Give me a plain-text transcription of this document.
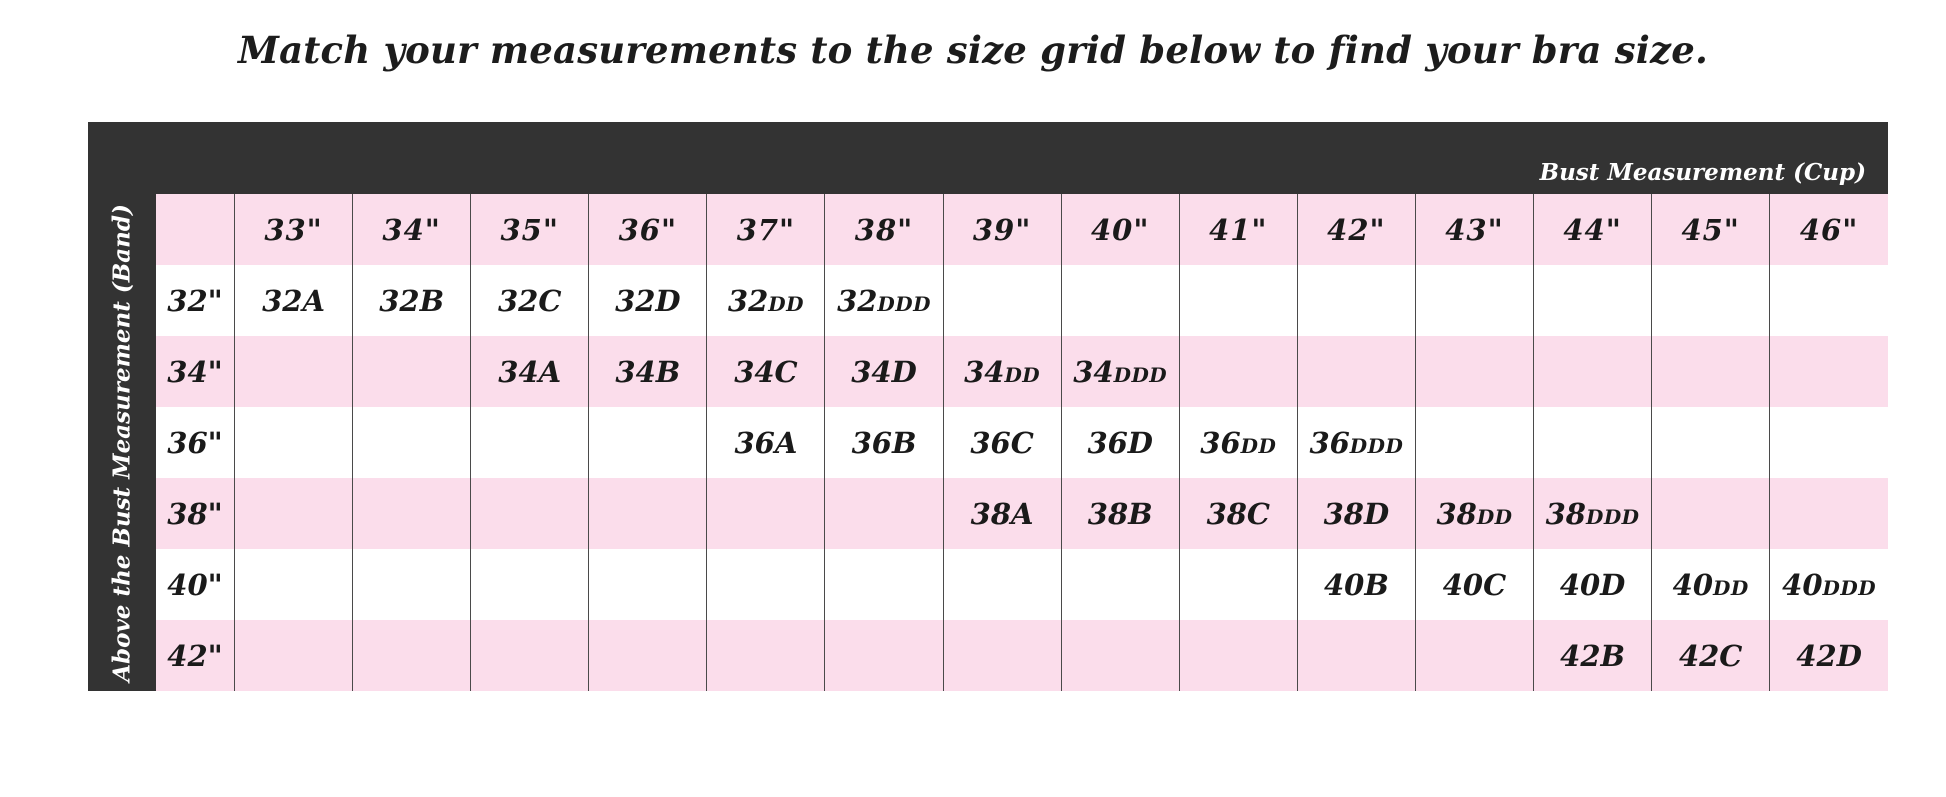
Match your measurements to the size grid below to find your bra size.
Bust Measurement (Cup)
Above the Bust Measurement (Band)
		33"	34"	35"	36"	37"	38"	39"	40"	41"	42"	43"	44"	45"	46"
32"	32A	32B	32C	32D	32DD	32DDD								
34"			34A	34B	34C	34D	34DD	34DDD						
36"					36A	36B	36C	36D	36DD	36DDD				
38"							38A	38B	38C	38D	38DD	38DDD		
40"										40B	40C	40D	40DD	40DDD
42"												42B	42C	42D
